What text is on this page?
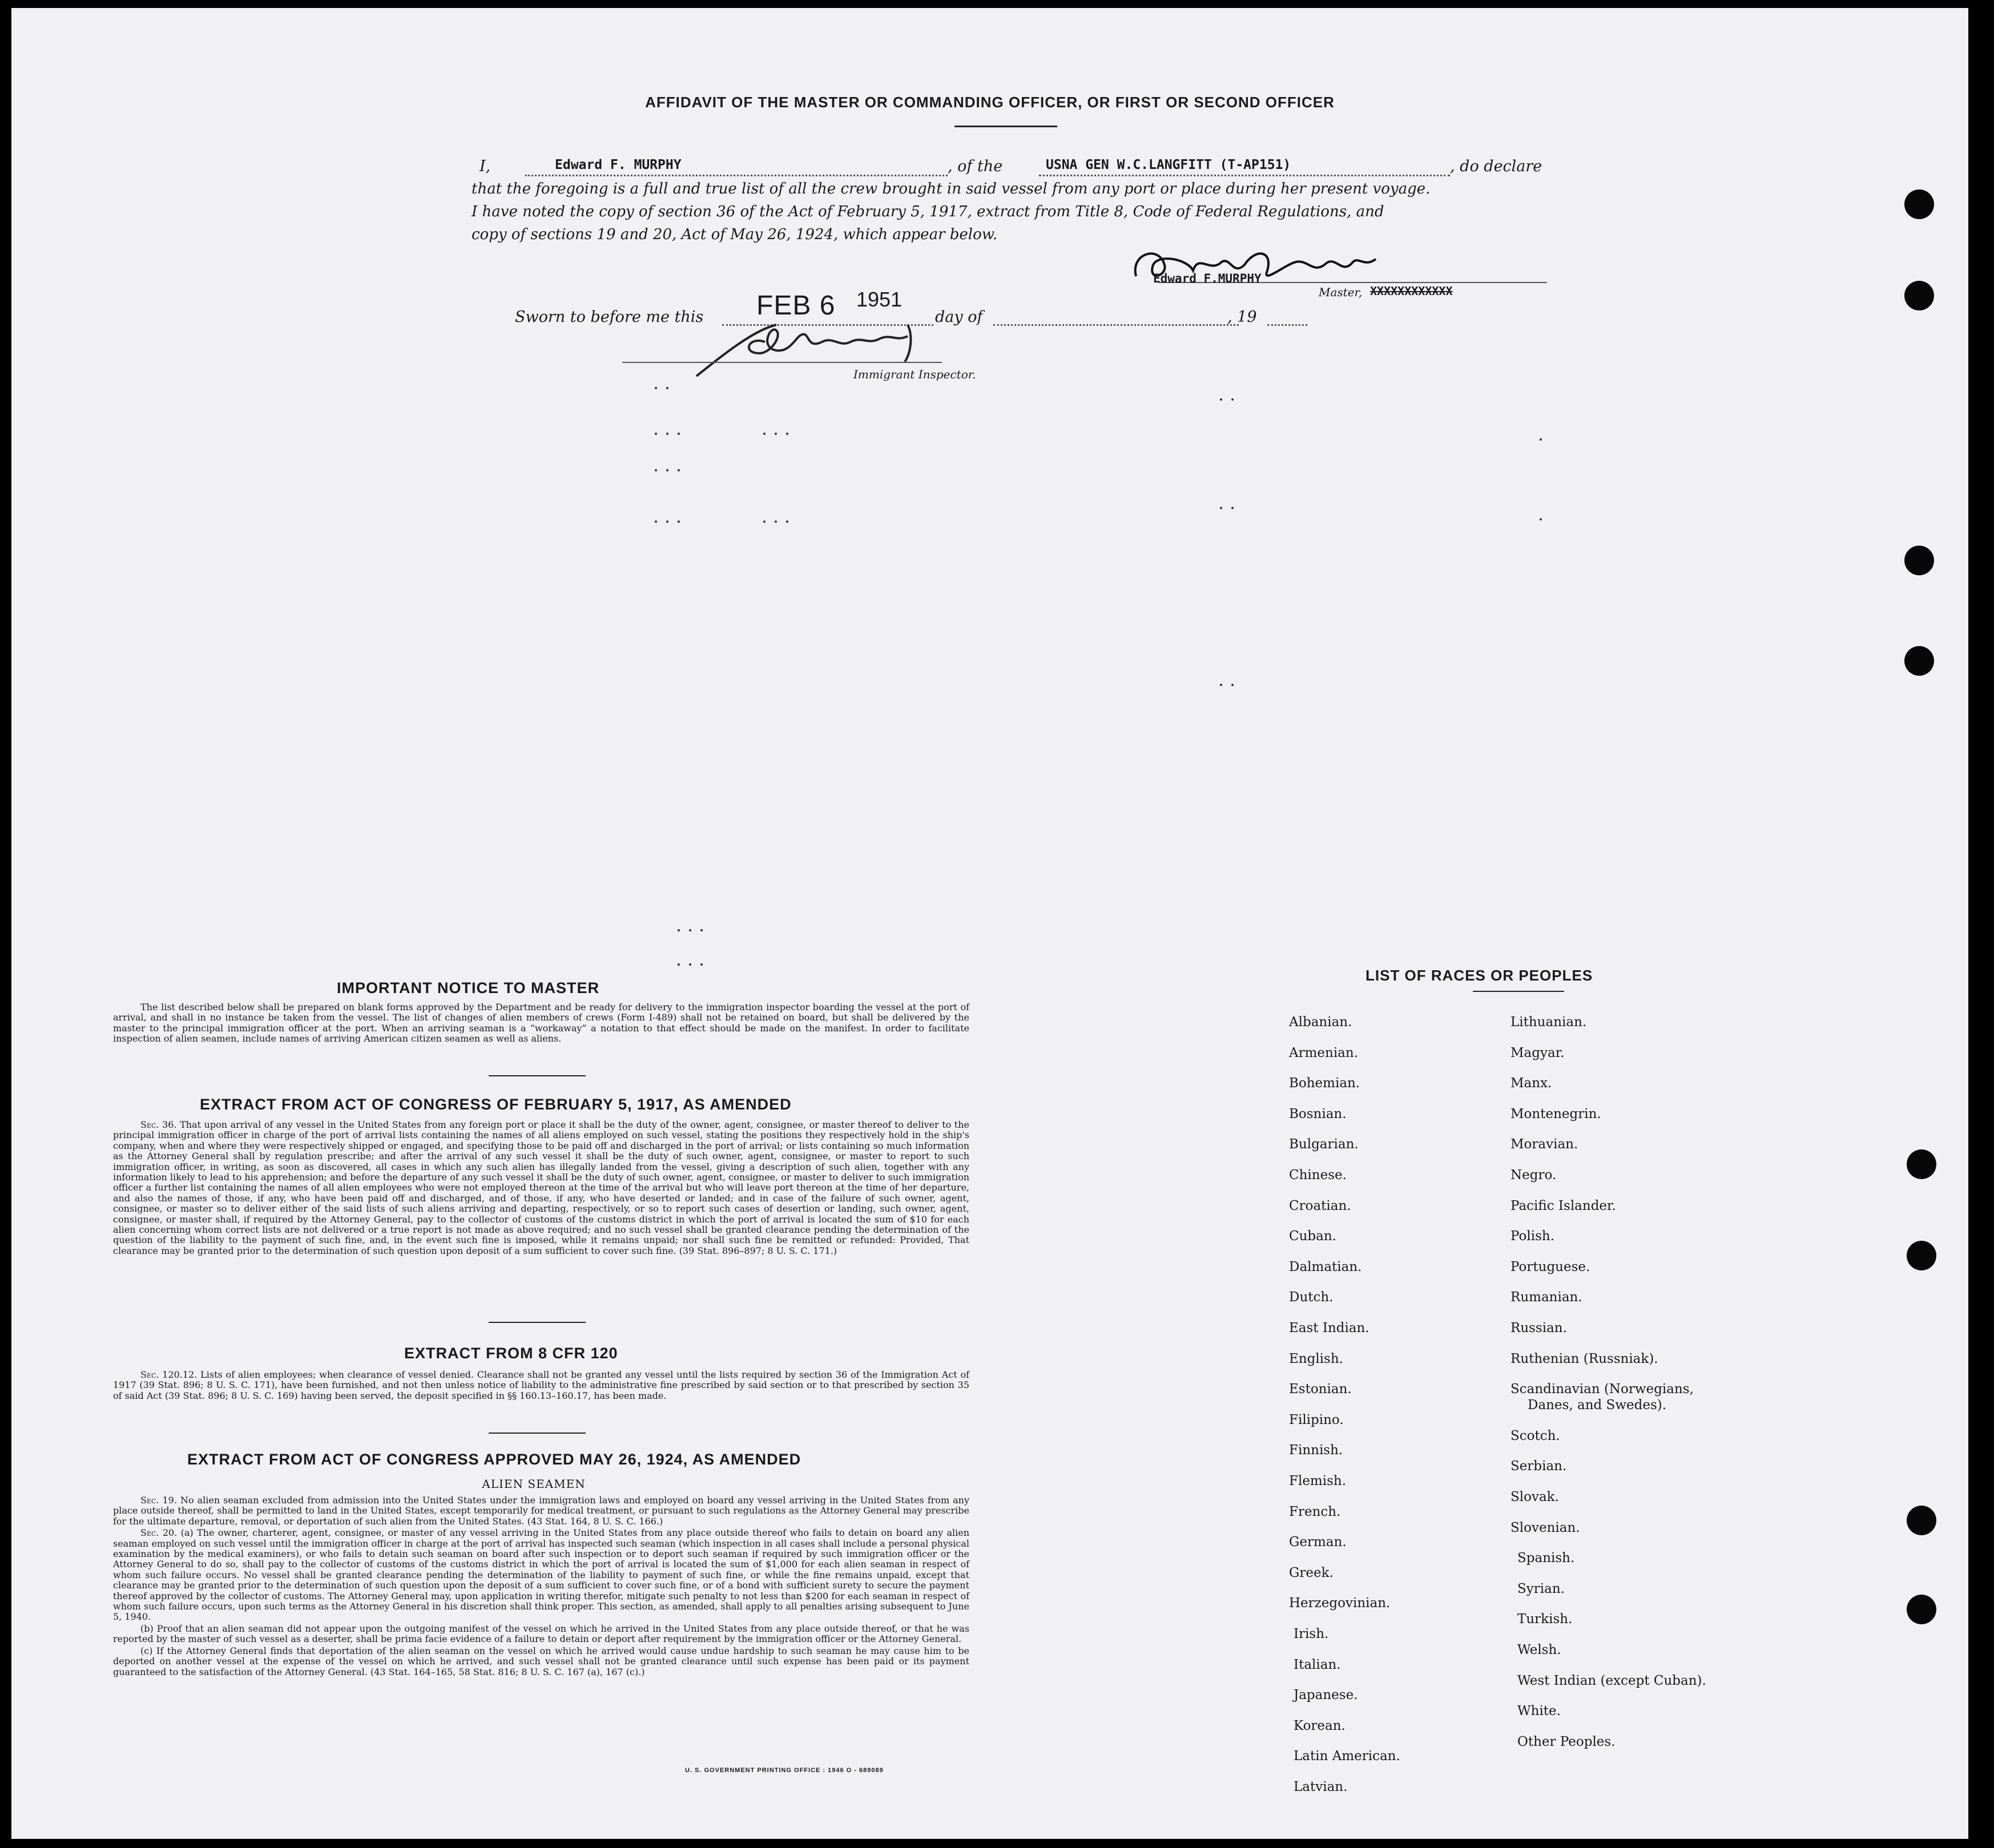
AFFIDAVIT OF THE MASTER OR COMMANDING OFFICER, OR FIRST OR SECOND OFFICER
I,	Edward F. MURPHY	, of the	USNA GEN W.C.LANGFITT (T-AP151)	, do declare
that the foregoing is a full and true list of all the crew brought in said vessel from any port or place during her present voyage.
I have noted the copy of section 36 of the Act of February 5, 1917, extract from Title 8, Code of Federal Regulations, and
copy of sections 19 and 20, Act of May 26, 1924, which appear below.
Edward F.MURPHY
Master, XXXXXXXXXXXX
Sworn to before me this FEB 6 1951
day of	, 19
Immigrant Inspector.
IMPORTANT NOTICE TO MASTER

The list described below shall be prepared on blank forms approved by the Department and be ready for delivery to the immigration inspector boarding the vessel at the port of arrival, and shall in no instance be taken from the vessel. The list of changes of alien members of crews (Form I-489) shall not be retained on board, but shall be delivered by the master to the principal immigration officer at the port. When an arriving seaman is a “workaway” a notation to that effect should be made on the manifest. In order to facilitate inspection of alien seamen, include names of arriving American citizen seamen as well as aliens.

EXTRACT FROM ACT OF CONGRESS OF FEBRUARY 5, 1917, AS AMENDED

Sec. 36. That upon arrival of any vessel in the United States from any foreign port or place it shall be the duty of the owner, agent, consignee, or master thereof to deliver to the principal immigration officer in charge of the port of arrival lists containing the names of all aliens employed on such vessel, stating the positions they respectively hold in the ship's company, when and where they were respectively shipped or engaged, and specifying those to be paid off and discharged in the port of arrival; or lists containing so much information as the Attorney General shall by regulation prescribe; and after the arrival of any such vessel it shall be the duty of such owner, agent, consignee, or master to report to such immigration officer, in writing, as soon as discovered, all cases in which any such alien has illegally landed from the vessel, giving a description of such alien, together with any information likely to lead to his apprehension; and before the departure of any such vessel it shall be the duty of such owner, agent, consignee, or master to deliver to such immigration officer a further list containing the names of all alien employees who were not employed thereon at the time of the arrival but who will leave port thereon at the time of her departure, and also the names of those, if any, who have been paid off and discharged, and of those, if any, who have deserted or landed; and in case of the failure of such owner, agent, consignee, or master so to deliver either of the said lists of such aliens arriving and departing, respectively, or so to report such cases of desertion or landing, such owner, agent, consignee, or master shall, if required by the Attorney General, pay to the collector of customs of the customs district in which the port of arrival is located the sum of $10 for each alien concerning whom correct lists are not delivered or a true report is not made as above required; and no such vessel shall be granted clearance pending the determination of the question of the liability to the payment of such fine, and, in the event such fine is imposed, while it remains unpaid; nor shall such fine be remitted or refunded: Provided, That clearance may be granted prior to the determination of such question upon deposit of a sum sufficient to cover such fine. (39 Stat. 896–897; 8 U. S. C. 171.)

EXTRACT FROM 8 CFR 120

Sec. 120.12. Lists of alien employees; when clearance of vessel denied. Clearance shall not be granted any vessel until the lists required by section 36 of the Immigration Act of 1917 (39 Stat. 896; 8 U. S. C. 171), have been furnished, and not then unless notice of liability to the administrative fine prescribed by said section or to that prescribed by section 35 of said Act (39 Stat. 896; 8 U. S. C. 169) having been served, the deposit specified in §§ 160.13–160.17, has been made.

EXTRACT FROM ACT OF CONGRESS APPROVED MAY 26, 1924, AS AMENDED
ALIEN SEAMEN

Sec. 19. No alien seaman excluded from admission into the United States under the immigration laws and employed on board any vessel arriving in the United States from any place outside thereof, shall be permitted to land in the United States, except temporarily for medical treatment, or pursuant to such regulations as the Attorney General may prescribe for the ultimate departure, removal, or deportation of such alien from the United States. (43 Stat. 164, 8 U. S. C. 166.)

Sec. 20. (a) The owner, charterer, agent, consignee, or master of any vessel arriving in the United States from any place outside thereof who fails to detain on board any alien seaman employed on such vessel until the immigration officer in charge at the port of arrival has inspected such seaman (which inspection in all cases shall include a personal physical examination by the medical examiners), or who fails to detain such seaman on board after such inspection or to deport such seaman if required by such immigration officer or the Attorney General to do so, shall pay to the collector of customs of the customs district in which the port of arrival is located the sum of $1,000 for each alien seaman in respect of whom such failure occurs. No vessel shall be granted clearance pending the determination of the liability to payment of such fine, or while the fine remains unpaid, except that clearance may be granted prior to the determination of such question upon the deposit of a sum sufficient to cover such fine, or of a bond with sufficient surety to secure the payment thereof approved by the collector of customs. The Attorney General may, upon application in writing therefor, mitigate such penalty to not less than $200 for each seaman in respect of whom such failure occurs, upon such terms as the Attorney General in his discretion shall think proper. This section, as amended, shall apply to all penalties arising subsequent to June 5, 1940.

(b) Proof that an alien seaman did not appear upon the outgoing manifest of the vessel on which he arrived in the United States from any place outside thereof, or that he was reported by the master of such vessel as a deserter, shall be prima facie evidence of a failure to detain or deport after requirement by the immigration officer or the Attorney General.

(c) If the Attorney General finds that deportation of the alien seaman on the vessel on which he arrived would cause undue hardship to such seaman he may cause him to be deported on another vessel at the expense of the vessel on which he arrived, and such vessel shall not be granted clearance until such expense has been paid or its payment guaranteed to the satisfaction of the Attorney General. (43 Stat. 164–165, 58 Stat. 816; 8 U. S. C. 167 (a), 167 (c).)

U. S. GOVERNMENT PRINTING OFFICE : 1946 O - 689089
LIST OF RACES OR PEOPLES
Albanian.
Armenian.
Bohemian.
Bosnian.
Bulgarian.
Chinese.
Croatian.
Cuban.
Dalmatian.
Dutch.
East Indian.
English.
Estonian.
Filipino.
Finnish.
Flemish.
French.
German.
Greek.
Herzegovinian.
Irish.
Italian.
Japanese.
Korean.
Latin American.
Latvian.
Lithuanian.
Magyar.
Manx.
Montenegrin.
Moravian.
Negro.
Pacific Islander.
Polish.
Portuguese.
Rumanian.
Russian.
Ruthenian (Russniak).
Scandinavian (Norwegians,
Danes, and Swedes).
Scotch.
Serbian.
Slovak.
Slovenian.
Spanish.
Syrian.
Turkish.
Welsh.
West Indian (except Cuban).
White.
Other Peoples.
